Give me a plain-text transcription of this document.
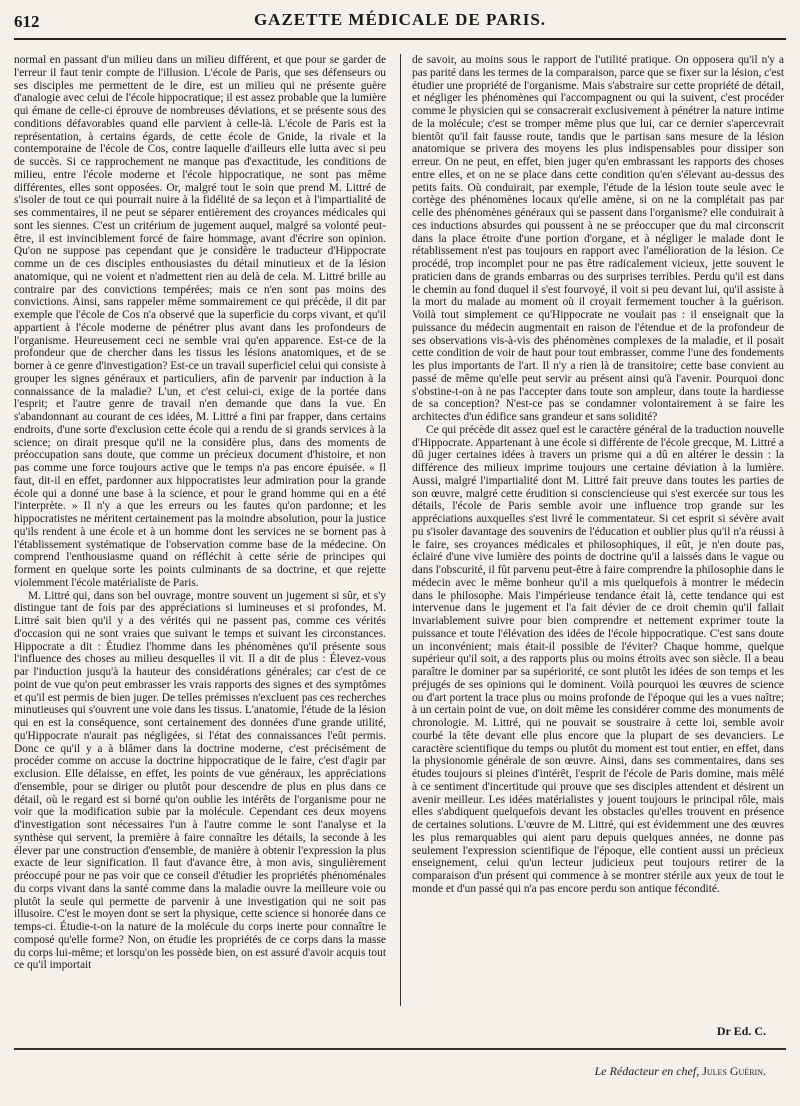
612	GAZETTE MÉDICALE DE PARIS.

normal en passant d'un milieu dans un milieu différent, et que pour se garder de l'erreur il faut tenir compte de l'illusion. L'école de Paris, que ses défenseurs ou ses disciples me permettent de le dire, est un milieu qui ne présente guère d'analogie avec celui de l'école hippocratique; il est assez probable que la lumière qui émane de celle-ci éprouve de nombreuses déviations, et se présente sous des conditions défavorables quand elle parvient à celle-là. L'école de Paris est la représentation, à certains égards, de cette école de Gnide, la rivale et la contemporaine de l'école de Cos, contre laquelle d'ailleurs elle lutta avec si peu de succès. Si ce rapprochement ne manque pas d'exactitude, les conditions de milieu, entre l'école moderne et l'école hippocratique, ne sont pas même différentes, elles sont opposées. Or, malgré tout le soin que prend M. Littré de s'isoler de tout ce qui pourrait nuire à la fidélité de sa leçon et à l'impartialité de ses commentaires, il ne peut se séparer entièrement des croyances médicales qui sont les siennes. C'est un critérium de jugement auquel, malgré sa volonté peut-être, il est invinciblement forcé de faire hommage, avant d'écrire son opinion. Qu'on ne suppose pas cependant que je considère le traducteur d'Hippocrate comme un de ces disciples enthousiastes du détail minutieux et de la lésion anatomique, qui ne voient et n'admettent rien au delà de cela. M. Littré brille au contraire par des convictions tempérées; mais ce n'en sont pas moins des convictions. Ainsi, sans rappeler même sommairement ce qui précède, il dit par exemple que l'école de Cos n'a observé que la superficie du corps vivant, et qu'il appartient à l'école moderne de pénétrer plus avant dans les profondeurs de l'organisme. Heureusement ceci ne semble vrai qu'en apparence. Est-ce de la profondeur que de chercher dans les tissus les lésions anatomiques, et de se borner à ce genre d'investigation? Est-ce un travail superficiel celui qui consiste à grouper les signes généraux et particuliers, afin de parvenir par induction à la connaissance de la maladie? L'un, et c'est celui-ci, exige de la portée dans l'esprit; et l'autre genre de travail n'en demande que dans la vue. En s'abandonnant au courant de ces idées, M. Littré a fini par frapper, dans certains endroits, d'une sorte d'exclusion cette école qui a rendu de si grands services à la science; on dirait presque qu'il ne la considère plus, dans des moments de préoccupation sans doute, que comme un précieux document d'histoire, et non pas comme une force toujours active que le temps n'a pas encore épuisée. « Il faut, dit-il en effet, pardonner aux hippocratistes leur admiration pour la grande école qui a donné une base à la science, et pour le grand homme qui en a été l'interprète. » Il n'y a que les erreurs ou les fautes qu'on pardonne; et les hippocratistes ne méritent certainement pas la moindre absolution, pour la justice qu'ils rendent à une école et à un homme dont les services ne se bornent pas à l'établissement systématique de l'observation comme base de la médecine. On comprend l'enthousiasme quand on réfléchit à cette série de principes qui forment en quelque sorte les points culminants de sa doctrine, et que rejette violemment l'école matérialiste de Paris.

M. Littré qui, dans son bel ouvrage, montre souvent un jugement si sûr, et s'y distingue tant de fois par des appréciations si lumineuses et si profondes, M. Littré sait bien qu'il y a des vérités qui ne passent pas, comme ces vérités d'occasion qui ne sont vraies que suivant le temps et suivant les circonstances. Hippocrate a dit : Étudiez l'homme dans les phénomènes qu'il présente sous l'influence des choses au milieu desquelles il vit. Il a dit de plus : Élevez-vous par l'induction jusqu'à la hauteur des considérations générales; car c'est de ce point de vue qu'on peut embrasser les vrais rapports des signes et des symptômes et qu'il est permis de bien juger. De telles prémisses n'excluent pas ces recherches minutieuses qui s'ouvrent une voie dans les tissus. L'anatomie, l'étude de la lésion qui en est la conséquence, sont certainement des données d'une grande utilité, qu'Hippocrate n'aurait pas négligées, si l'état des connaissances l'eût permis. Donc ce qu'il y a à blâmer dans la doctrine moderne, c'est précisément de procéder comme on accuse la doctrine hippocratique de le faire, c'est d'agir par exclusion. Elle délaisse, en effet, les points de vue généraux, les appréciations d'ensemble, pour se diriger ou plutôt pour descendre de plus en plus dans ce détail, où le regard est si borné qu'on oublie les intérêts de l'organisme pour ne voir que la modification subie par la molécule. Cependant ces deux moyens d'investigation sont nécessaires l'un à l'autre comme le sont l'analyse et la synthèse qui servent, la première à faire connaître les détails, la seconde à les élever par une construction d'ensemble, de manière à obtenir l'expression la plus exacte de leur signification. Il faut d'avance être, à mon avis, singulièrement préoccupé pour ne pas voir que ce conseil d'étudier les propriétés phénoménales du corps vivant dans la santé comme dans la maladie ouvre la meilleure voie ou plutôt la seule qui permette de parvenir à une investigation qui ne soit pas illusoire. C'est le moyen dont se sert la physique, cette science si honorée dans ce temps-ci. Étudie-t-on la nature de la molécule du corps inerte pour connaître le composé qu'elle forme? Non, on étudie les propriétés de ce corps dans la masse du corps lui-même; et lorsqu'on les possède bien, on est assuré d'avoir acquis tout ce qu'il importait

de savoir, au moins sous le rapport de l'utilité pratique. On opposera qu'il n'y a pas parité dans les termes de la comparaison, parce que se fixer sur la lésion, c'est étudier une propriété de l'organisme. Mais s'abstraire sur cette propriété de détail, et négliger les phénomènes qui l'accompagnent ou qui la suivent, c'est procéder comme le physicien qui se consacrerait exclusivement à pénétrer la nature intime de la molécule; c'est se tromper même plus que lui, car ce dernier s'apercevrait bientôt qu'il fait fausse route, tandis que le partisan sans mesure de la lésion anatomique se privera des moyens les plus indispensables pour dissiper son erreur. On ne peut, en effet, bien juger qu'en embrassant les rapports des choses entre elles, et on ne se place dans cette condition qu'en s'élevant au-dessus des petits faits. Où conduirait, par exemple, l'étude de la lésion toute seule avec le cortège des phénomènes locaux qu'elle amène, si on ne la complétait pas par celle des phénomènes généraux qui se passent dans l'organisme? elle conduirait à ces inductions absurdes qui poussent à ne se préoccuper que du mal circonscrit dans la place étroite d'une portion d'organe, et à négliger le malade dont le rétablissement n'est pas toujours en rapport avec l'amélioration de la lésion. Ce procédé, trop incomplet pour ne pas être radicalement vicieux, jette souvent le praticien dans de grands embarras ou des surprises terribles. Perdu qu'il est dans le chemin au fond duquel il s'est fourvoyé, il voit si peu devant lui, qu'il assiste à la mort du malade au moment où il croyait fermement toucher à la guérison. Voilà tout simplement ce qu'Hippocrate ne voulait pas : il enseignait que la puissance du médecin augmentait en raison de l'étendue et de la profondeur de ses observations vis-à-vis des phénomènes complexes de la maladie, et il posait cette condition de voir de haut pour tout embrasser, comme l'une des fondements les plus importants de l'art. Il n'y a rien là de transitoire; cette base convient au passé de même qu'elle peut servir au présent ainsi qu'à l'avenir. Pourquoi donc s'obstine-t-on à ne pas l'accepter dans toute son ampleur, dans toute la hardiesse de sa conception? N'est-ce pas se condamner volontairement à se faire les architectes d'un édifice sans grandeur et sans solidité?

Ce qui précède dit assez quel est le caractère général de la traduction nouvelle d'Hippocrate. Appartenant à une école si différente de l'école grecque, M. Littré a dû juger certaines idées à travers un prisme qui a dû en altérer le dessin : la différence des milieux imprime toujours une certaine déviation à la lumière. Aussi, malgré l'impartialité dont M. Littré fait preuve dans toutes les parties de son œuvre, malgré cette érudition si consciencieuse qui s'est exercée sur tous les détails, l'école de Paris semble avoir une influence trop grande sur les appréciations auxquelles s'est livré le commentateur. Si cet esprit si sévère avait pu s'isoler davantage des souvenirs de l'éducation et oublier plus qu'il n'a réussi à le faire, ses croyances médicales et philosophiques, il eût, je n'en doute pas, éclairé d'une vive lumière des points de doctrine qu'il a laissés dans le vague ou dans l'obscurité, il fût parvenu peut-être à faire comprendre la philosophie dans le médecin avec le même bonheur qu'il a mis quelquefois à montrer le médecin dans le philosophe. Mais l'impérieuse tendance était là, cette tendance qui est intervenue dans le jugement et l'a fait dévier de ce droit chemin qu'il fallait invariablement suivre pour bien comprendre et nettement exprimer toute la puissance et toute l'élévation des idées de l'école hippocratique. C'est sans doute un inconvénient; mais était-il possible de l'éviter? Chaque homme, quelque supérieur qu'il soit, a des rapports plus ou moins étroits avec son siècle. Il a beau paraître le dominer par sa supériorité, ce sont plutôt les idées de son temps et les préjugés de ses opinions qui le dominent. Voilà pourquoi les œuvres de science ou d'art portent la trace plus ou moins profonde de l'époque qui les a vues naître; à un certain point de vue, on doit même les considérer comme des monuments de chronologie. M. Littré, qui ne pouvait se soustraire à cette loi, semble avoir courbé la tête devant elle plus encore que la plupart de ses devanciers. Le caractère scientifique du temps ou plutôt du moment est tout entier, en effet, dans la physionomie générale de son œuvre. Ainsi, dans ses commentaires, dans ses études toujours si pleines d'intérêt, l'esprit de l'école de Paris domine, mais mêlé à ce sentiment d'incertitude qui prouve que ses disciples attendent et désirent un avenir meilleur. Les idées matérialistes y jouent toujours le principal rôle, mais elles s'abdiquent quelquefois devant les obstacles qu'elles trouvent en présence de certaines solutions. L'œuvre de M. Littré, qui est évidemment une des œuvres les plus remarquables qui aient paru depuis quelques années, ne donne pas seulement l'expression scientifique de l'époque, elle contient aussi un précieux enseignement, celui qu'un lecteur judicieux peut toujours retirer de la comparaison d'un présent qui commence à se montrer stérile aux yeux de tout le monde et d'un passé qui n'a pas encore perdu son antique fécondité.

Dr Ed. C.
Le Rédacteur en chef, Jules Guérin.
